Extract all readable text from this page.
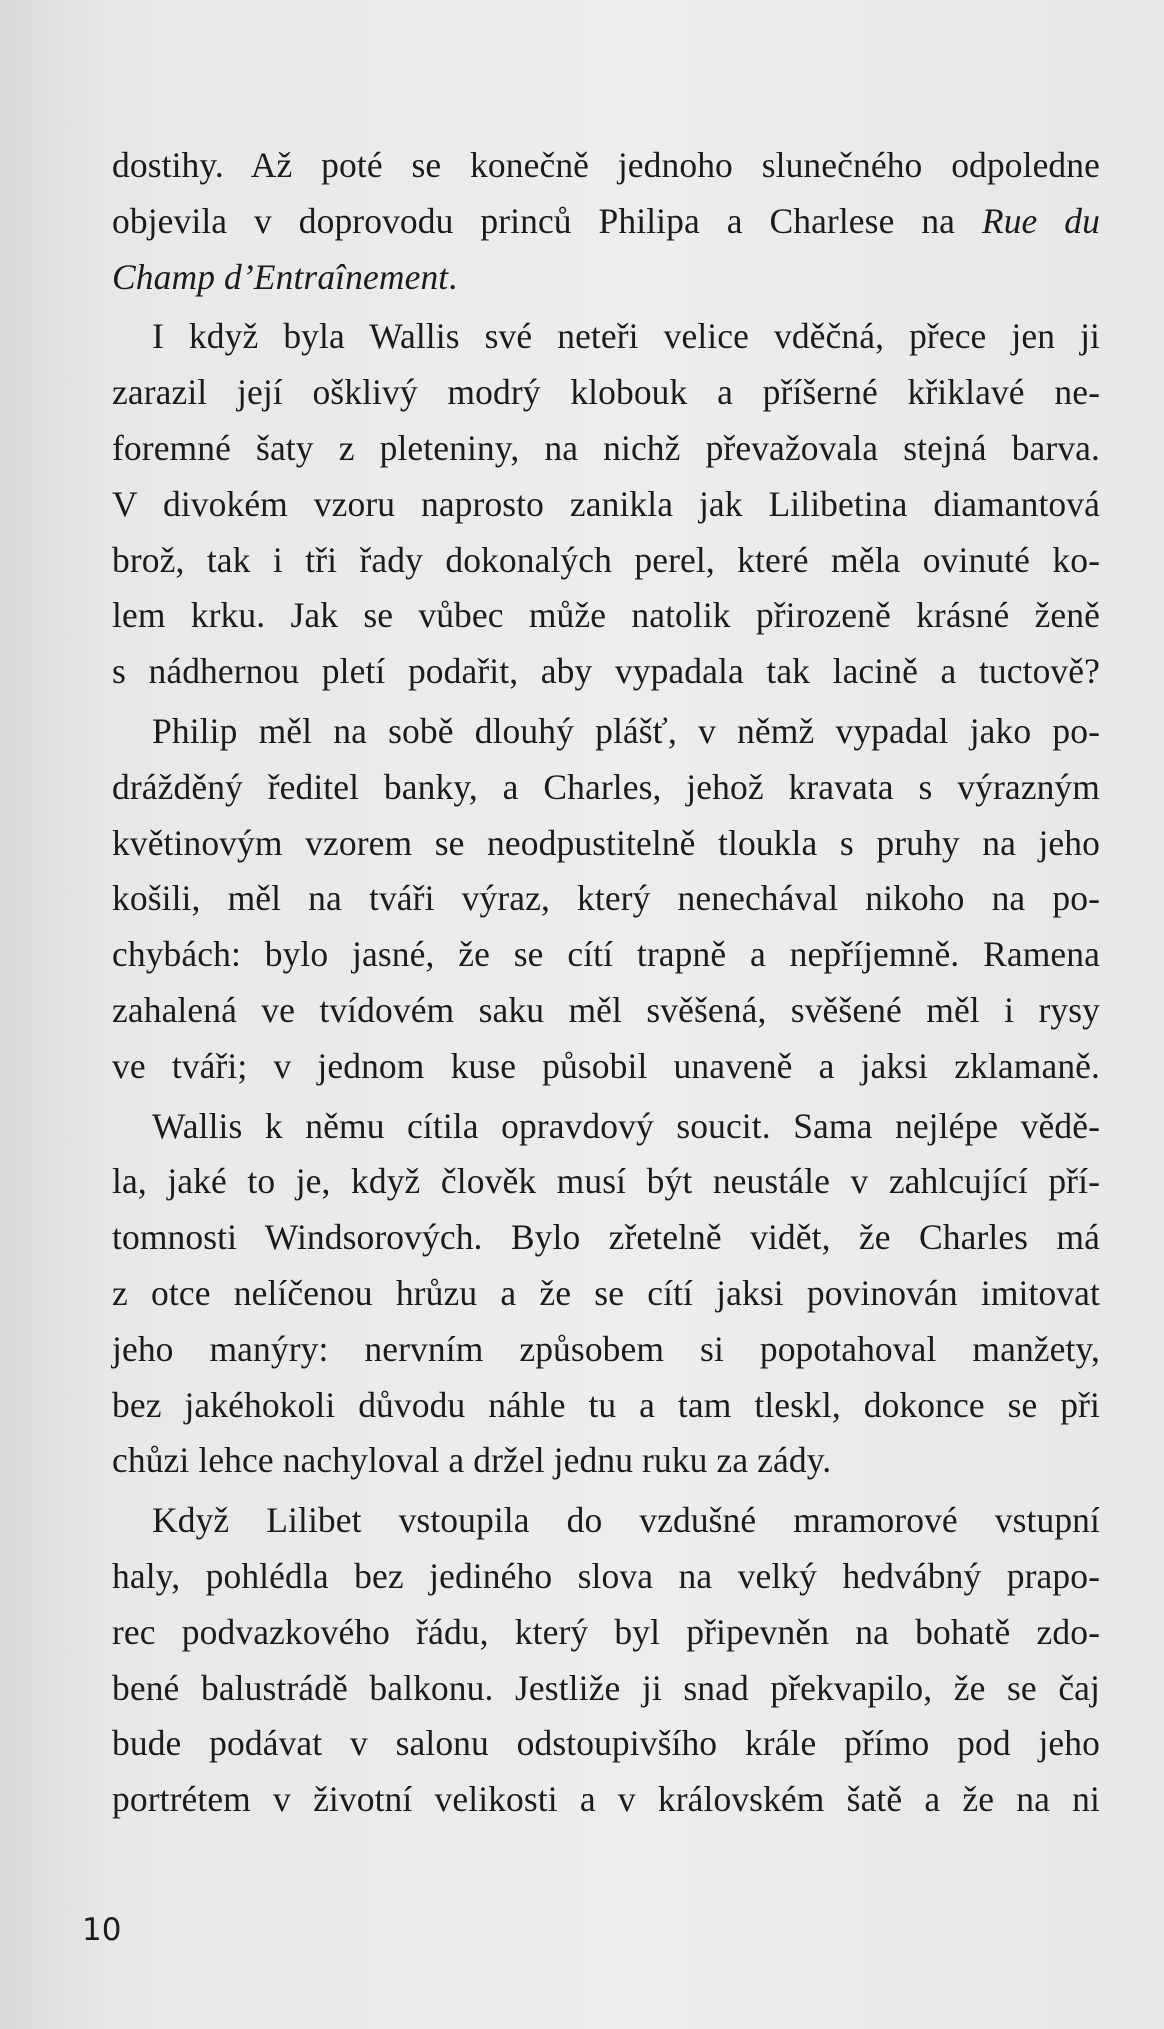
dostihy. Až poté se konečně jednoho slunečného odpoledne
objevila v doprovodu princů Philipa a Charlese na Rue du
Champ d’Entraînement.
I když byla Wallis své neteři velice vděčná, přece jen ji
zarazil její ošklivý modrý klobouk a příšerné křiklavé ne-
foremné šaty z pleteniny, na nichž převažovala stejná barva.
V divokém vzoru naprosto zanikla jak Lilibetina diamantová
brož, tak i tři řady dokonalých perel, které měla ovinuté ko-
lem krku. Jak se vůbec může natolik přirozeně krásné ženě
s nádhernou pletí podařit, aby vypadala tak lacině a tuctově?
Philip měl na sobě dlouhý plášť, v němž vypadal jako po-
drážděný ředitel banky, a Charles, jehož kravata s výrazným
květinovým vzorem se neodpustitelně tloukla s pruhy na jeho
košili, měl na tváři výraz, který nenechával nikoho na po-
chybách: bylo jasné, že se cítí trapně a nepříjemně. Ramena
zahalená ve tvídovém saku měl svěšená, svěšené měl i rysy
ve tváři; v jednom kuse působil unaveně a jaksi zklamaně.
Wallis k němu cítila opravdový soucit. Sama nejlépe vědě-
la, jaké to je, když člověk musí být neustále v zahlcující pří-
tomnosti Windsorových. Bylo zřetelně vidět, že Charles má
z otce nelíčenou hrůzu a že se cítí jaksi povinován imitovat
jeho manýry: nervním způsobem si popotahoval manžety,
bez jakéhokoli důvodu náhle tu a tam tleskl, dokonce se při
chůzi lehce nachyloval a držel jednu ruku za zády.
Když Lilibet vstoupila do vzdušné mramorové vstupní
haly, pohlédla bez jediného slova na velký hedvábný prapo-
rec podvazkového řádu, který byl připevněn na bohatě zdo-
bené balustrádě balkonu. Jestliže ji snad překvapilo, že se čaj
bude podávat v salonu odstoupivšího krále přímo pod jeho
portrétem v životní velikosti a v královském šatě a že na ni
10
